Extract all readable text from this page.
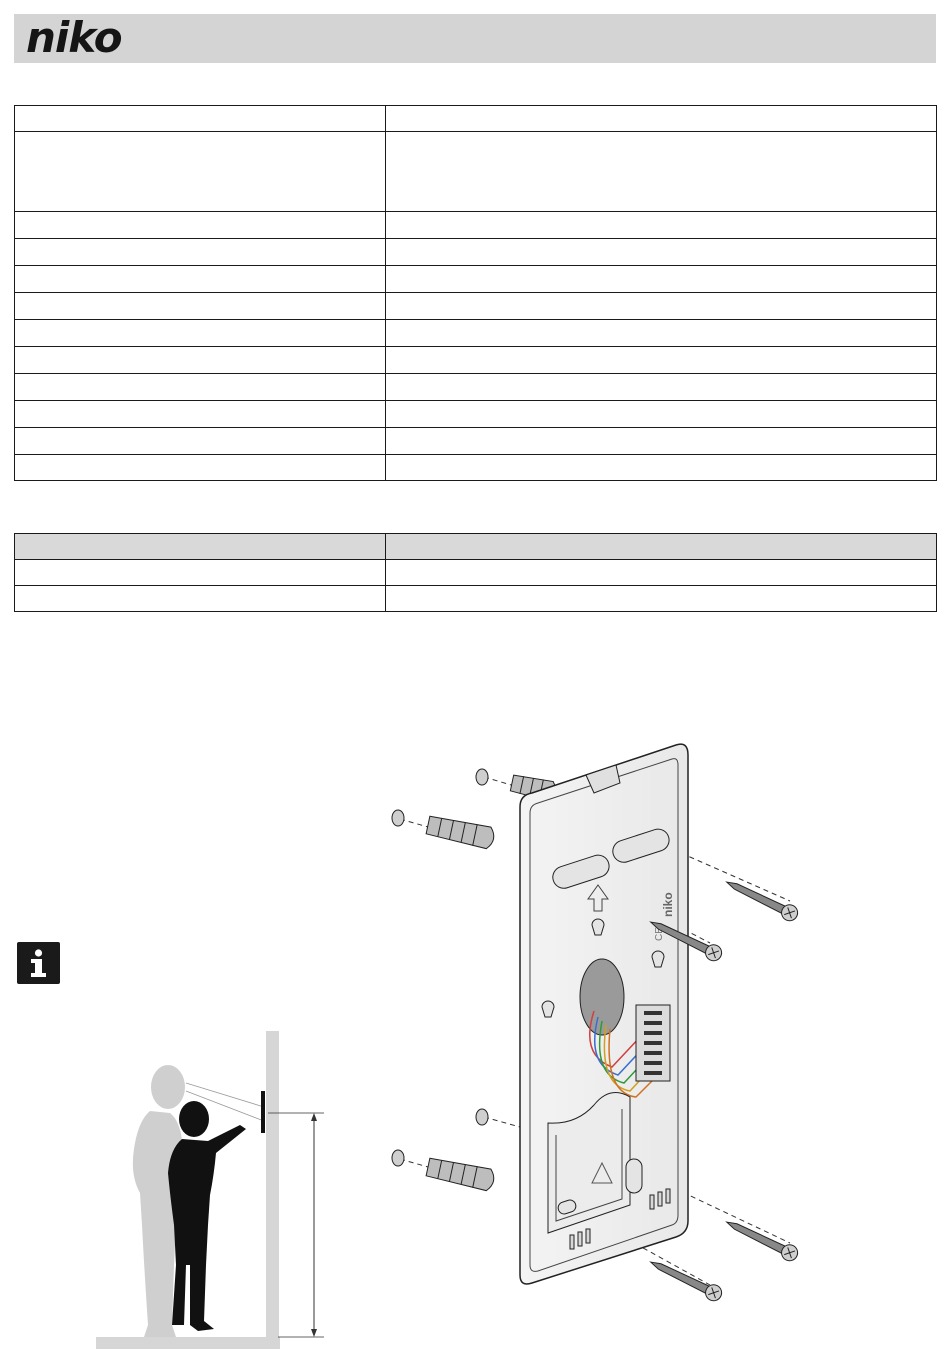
niko

niko
CE
